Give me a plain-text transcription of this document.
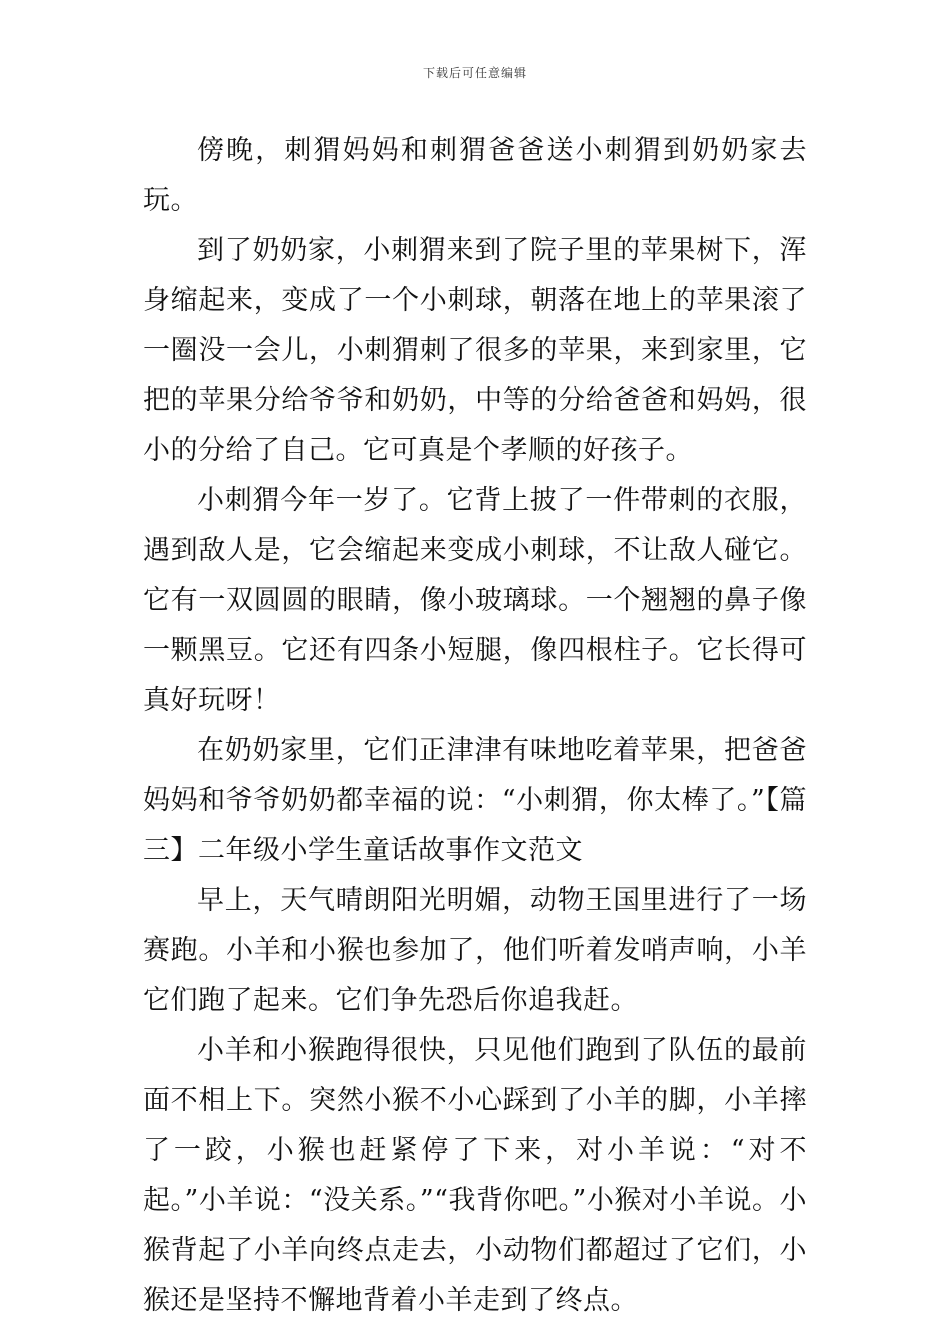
下载后可任意编辑

傍晚，刺猬妈妈和刺猬爸爸送小刺猬到奶奶家去玩。

到了奶奶家，小刺猬来到了院子里的苹果树下，浑身缩起来，变成了一个小刺球，朝落在地上的苹果滚了一圈没一会儿，小刺猬刺了很多的苹果，来到家里，它把的苹果分给爷爷和奶奶，中等的分给爸爸和妈妈，很小的分给了自己。它可真是个孝顺的好孩子。

小刺猬今年一岁了。它背上披了一件带刺的衣服，遇到敌人是，它会缩起来变成小刺球，不让敌人碰它。它有一双圆圆的眼睛，像小玻璃球。一个翘翘的鼻子像一颗黑豆。它还有四条小短腿，像四根柱子。它长得可真好玩呀！

在奶奶家里，它们正津津有味地吃着苹果，把爸爸妈妈和爷爷奶奶都幸福的说：“小刺猬，你太棒了。”【篇三】二年级小学生童话故事作文范文

早上，天气晴朗阳光明媚，动物王国里进行了一场赛跑。小羊和小猴也参加了，他们听着发哨声响，小羊它们跑了起来。它们争先恐后你追我赶。

小羊和小猴跑得很快，只见他们跑到了队伍的最前面不相上下。突然小猴不小心踩到了小羊的脚，小羊摔了一跤，小猴也赶紧停了下来，对小羊说：“对不起。”小羊说：“没关系。”“我背你吧。”小猴对小羊说。小猴背起了小羊向终点走去，小动物们都超过了它们，小猴还是坚持不懈地背着小羊走到了终点。
